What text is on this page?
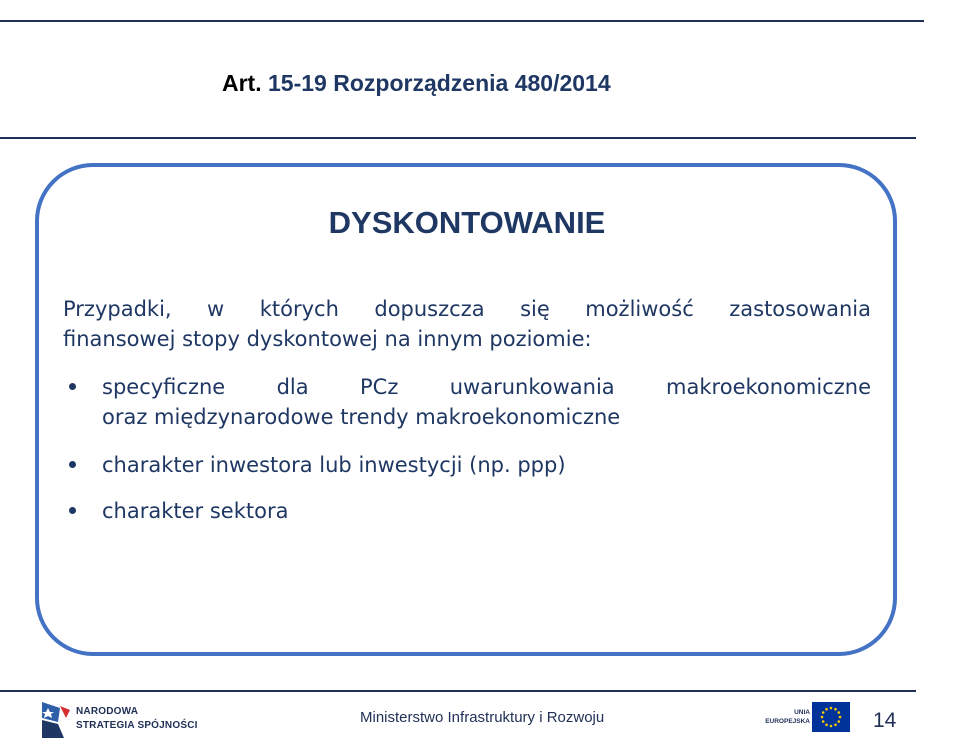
Art. 15-19 Rozporządzenia 480/2014
DYSKONTOWANIE
Przypadki, w których dopuszcza się możliwość zastosowania
finansowej stopy dyskontowej na innym poziomie:
specyficzne dla PCz uwarunkowania makroekonomiczne
oraz międzynarodowe trendy makroekonomiczne
charakter inwestora lub inwestycji (np. ppp)
charakter sektora
NARODOWA
STRATEGIA SPÓJNOŚCI	Ministerstwo Infrastruktury i Rozwoju	UNIA
EUROPEJSKA	14
